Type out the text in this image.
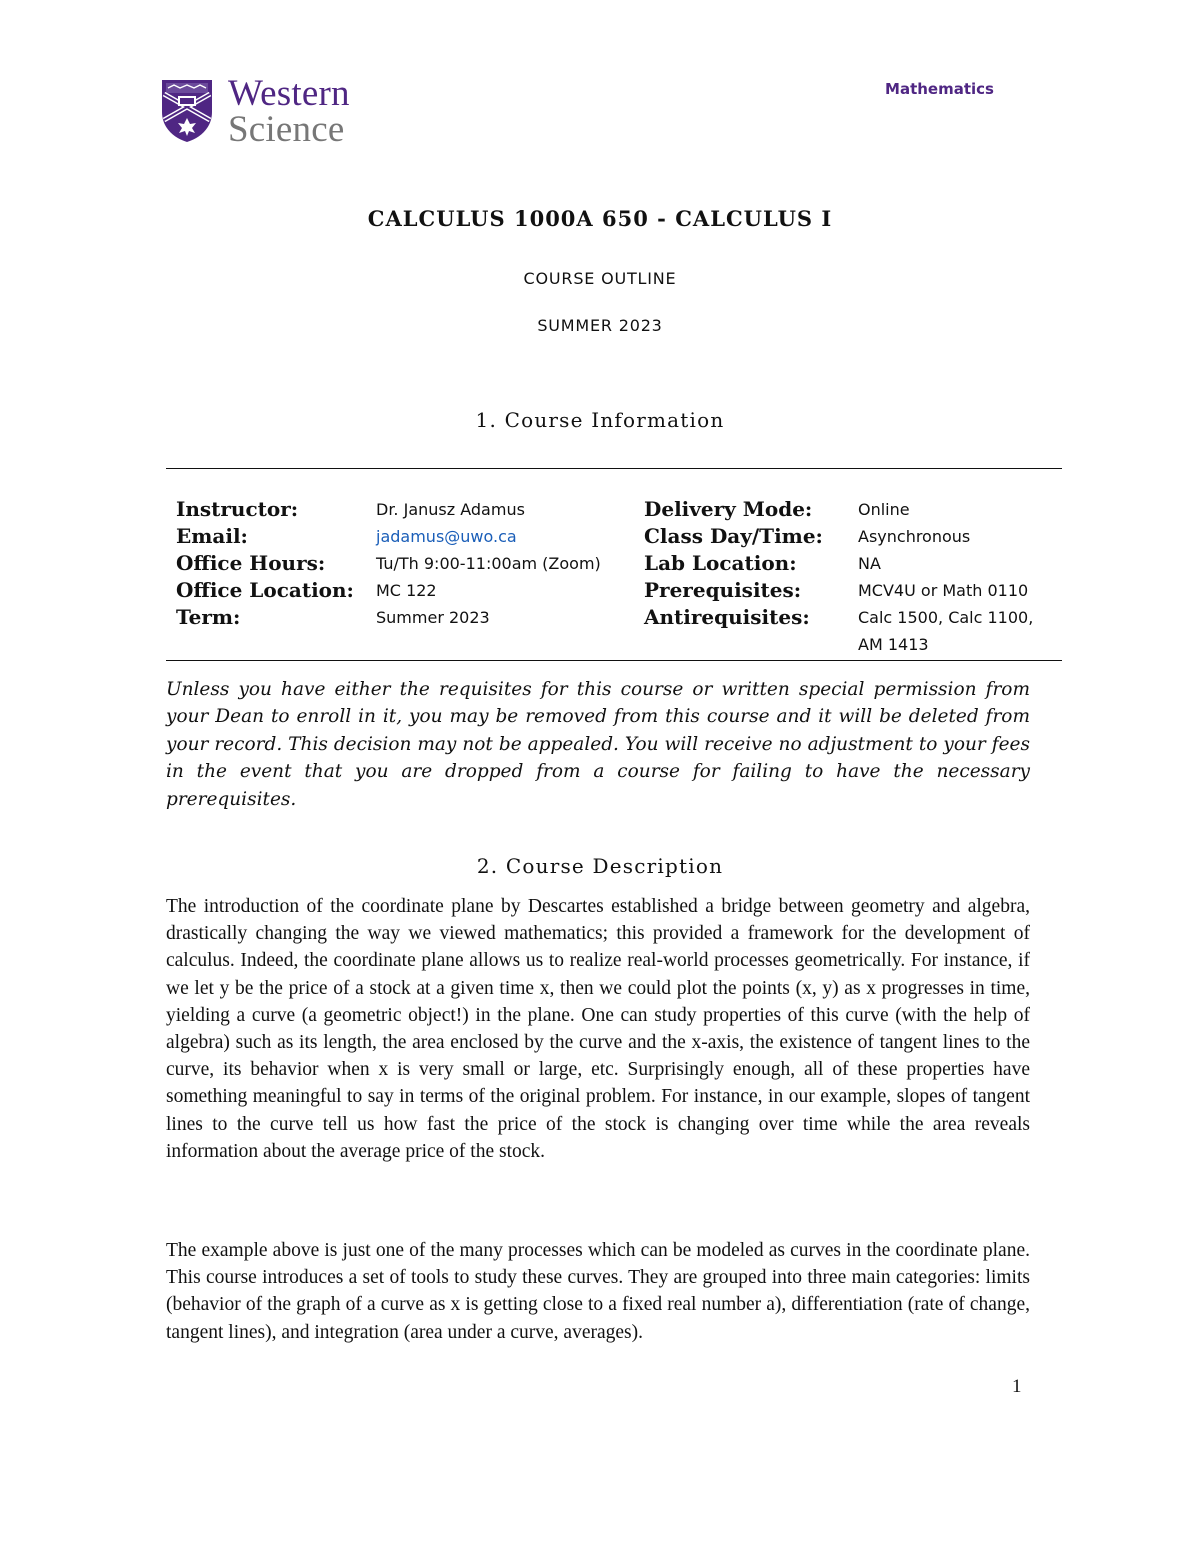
Western
Science
Mathematics
CALCULUS 1000A 650 - CALCULUS I
COURSE OUTLINE
SUMMER 2023
1. Course Information
Instructor:	Dr. Janusz Adamus	Delivery Mode:	Online
Email:	jadamus@uwo.ca	Class Day/Time: Asynchronous
Office Hours:	Tu/Th 9:00-11:00am (Zoom) Lab Location:	NA
Office Location: MC 122	Prerequisites:	MCV4U or Math 0110
Term:	Summer 2023	Antirequisites:	Calc 1500, Calc 1100, AM 1413
Unless you have either the requisites for this course or written special permission from your Dean to enroll in it, you may be removed from this course and it will be deleted from your record. This decision may not be appealed. You will receive no adjustment to your fees in the event that you are dropped from a course for failing to have the necessary prerequisites.
2. Course Description
The introduction of the coordinate plane by Descartes established a bridge between geometry and algebra, drastically changing the way we viewed mathematics; this provided a framework for the development of calculus. Indeed, the coordinate plane allows us to realize real-world processes geometrically. For instance, if we let y be the price of a stock at a given time x, then we could plot the points (x, y) as x progresses in time, yielding a curve (a geometric object!) in the plane. One can study properties of this curve (with the help of algebra) such as its length, the area enclosed by the curve and the x-axis, the existence of tangent lines to the curve, its behavior when x is very small or large, etc. Surprisingly enough, all of these properties have something meaningful to say in terms of the original problem. For instance, in our example, slopes of tangent lines to the curve tell us how fast the price of the stock is changing over time while the area reveals information about the average price of the stock.
The example above is just one of the many processes which can be modeled as curves in the coordinate plane. This course introduces a set of tools to study these curves. They are grouped into three main categories: limits (behavior of the graph of a curve as x is getting close to a fixed real number a), differentiation (rate of change, tangent lines), and integration (area under a curve, averages).
1
